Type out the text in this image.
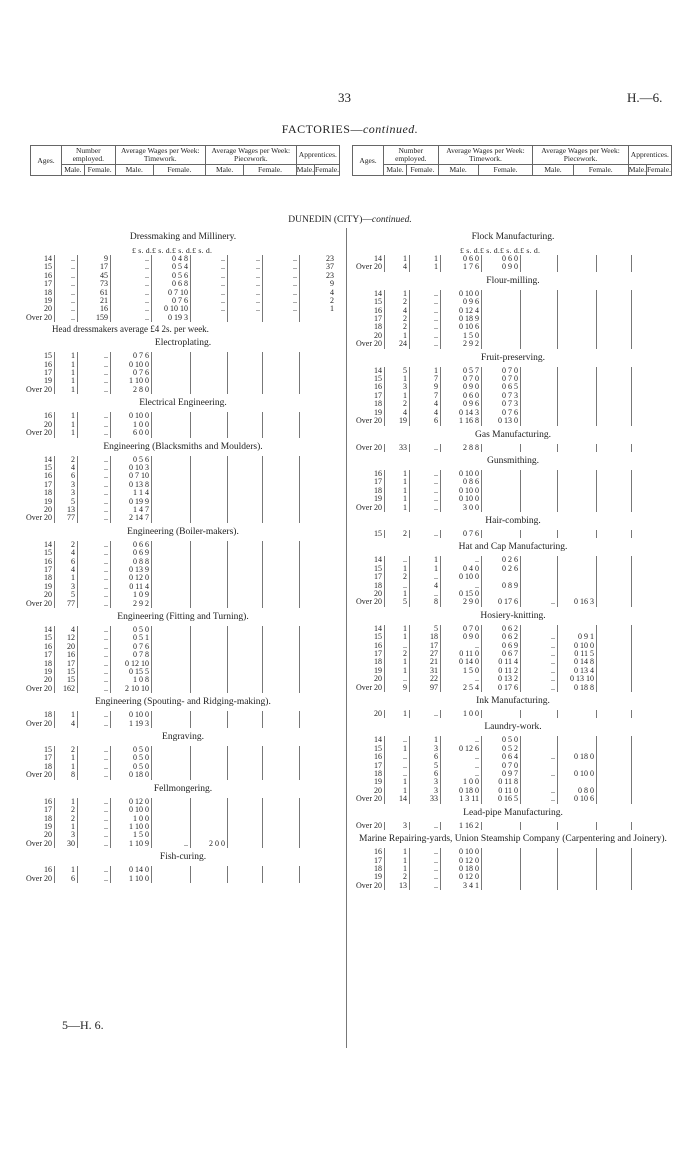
33	H.—6.
FACTORIES—continued.
Ages.	Number employed.		Average Wages per Week: Timework.		Average Wages per Week: Piecework.		Apprentices.	
	Male.	Female.	Male.	Female.	Male.	Female.	Male.	Female.
Ages.	Number employed.		Average Wages per Week: Timework.		Average Wages per Week: Piecework.		Apprentices.	
	Male.	Female.	Male.	Female.	Male.	Female.	Male.	Female.
DUNEDIN (CITY)—continued.
Dressmaking and Millinery.
£ s. d.£ s. d.£ s. d.£ s. d.
14	..	9	..	0 4 8	..	..	..	23
15	..	17	..	0 5 4	..	..	..	37
16	..	45	..	0 5 6	..	..	..	23
17	..	73	..	0 6 8	..	..	..	9
18	..	61	..	0 7 10	..	..	..	4
19	..	21	..	0 7 6	..	..	..	2
20	..	16	..	0 10 10	..	..	..	1
Over 20	..	159	..	0 19 3				
Head dressmakers average £4 2s. per week.
Electroplating.
15	1	..	0 7 6					
16	1	..	0 10 0					
17	1	..	0 7 6					
19	1	..	1 10 0					
Over 20	1	..	2 8 0					
Electrical Engineering.
16	1	..	0 10 0					
20	1	..	1 0 0					
Over 20	1	..	6 0 0					
Engineering (Blacksmiths and Moulders).
14	2	..	0 5 6					
15	4	..	0 10 3					
16	6	..	0 7 10					
17	3	..	0 13 8					
18	3	..	1 1 4					
19	5	..	0 19 9					
20	13	..	1 4 7					
Over 20	77	..	2 14 7					
Engineering (Boiler-makers).
14	2	..	0 6 6					
15	4	..	0 6 9					
16	6	..	0 8 8					
17	4	..	0 13 9					
18	1	..	0 12 0					
19	3	..	0 11 4					
20	5	..	1 0 9					
Over 20	77	..	2 9 2					
Engineering (Fitting and Turning).
14	4	..	0 5 0					
15	12	..	0 5 1					
16	20	..	0 7 6					
17	16	..	0 7 8					
18	17	..	0 12 10					
19	15	..	0 15 5					
20	15	..	1 0 8					
Over 20	162	..	2 10 10					
Engineering (Spouting- and Ridging-making).
18	1	..	0 10 0					
Over 20	4	..	1 19 3					
Engraving.
15	2	..	0 5 0					
17	1	..	0 5 0					
18	1	..	0 5 0					
Over 20	8	..	0 18 0					
Fellmongering.
16	1	..	0 12 0					
17	2	..	0 10 0					
18	2	..	1 0 0					
19	1	..	1 10 0					
20	3	..	1 5 0					
Over 20	30	..	1 10 9	..	2 0 0			
Fish-curing.
16	1	..	0 14 0					
Over 20	6	..	1 10 0					
Flock Manufacturing.
£ s. d.£ s. d.£ s. d.£ s. d.
14	1	1	0 6 0	0 6 0				
Over 20	4	1	1 7 6	0 9 0				
Flour-milling.
14	1	..	0 10 0					
15	2	..	0 9 6					
16	4	..	0 12 4					
17	2	..	0 18 9					
18	2	..	0 10 6					
20	1	..	1 5 0					
Over 20	24	..	2 9 2					
Fruit-preserving.
14	5	1	0 5 7	0 7 0				
15	1	7	0 7 0	0 7 0				
16	3	9	0 9 0	0 6 5				
17	1	7	0 6 0	0 7 3				
18	2	4	0 9 6	0 7 3				
19	4	4	0 14 3	0 7 6				
Over 20	19	6	1 16 8	0 13 0				
Gas Manufacturing.
Over 20	33	..	2 8 8					
Gunsmithing.
16	1	..	0 10 0					
17	1	..	0 8 6					
18	1	..	0 10 0					
19	1	..	0 10 0					
Over 20	1	..	3 0 0					
Hair-combing.
15	2	..	0 7 6					
Hat and Cap Manufacturing.
14	..	1	..	0 2 6				
15	1	1	0 4 0	0 2 6				
17	2	..	0 10 0					
18	..	4	..	0 8 9				
20	1	..	0 15 0					
Over 20	5	8	2 9 0	0 17 6	..	0 16 3		
Hosiery-knitting.
14	1	5	0 7 0	0 6 2				
15	1	18	0 9 0	0 6 2	..	0 9 1		
16	..	17	..	0 6 9	..	0 10 0		
17	2	27	0 11 0	0 6 7	..	0 11 5		
18	1	21	0 14 0	0 11 4	..	0 14 8		
19	1	31	1 5 0	0 11 2	..	0 13 4		
20	..	22	..	0 13 2	..	0 13 10		
Over 20	9	97	2 5 4	0 17 6	..	0 18 8		
Ink Manufacturing.
20	1	..	1 0 0					
Laundry-work.
14	..	1	..	0 5 0				
15	1	3	0 12 6	0 5 2				
16	..	6	..	0 6 4	..	0 18 0		
17	..	5	..	0 7 0				
18	..	6	..	0 9 7	..	0 10 0		
19	1	3	1 0 0	0 11 8				
20	1	3	0 18 0	0 11 0	..	0 8 0		
Over 20	14	33	1 3 11	0 16 5	..	0 10 6		
Lead-pipe Manufacturing.
Over 20	3	..	1 16 2					
Marine Repairing-yards, Union Steamship Company (Carpentering and Joinery).
16	1	..	0 10 0					
17	1	..	0 12 0					
18	1	..	0 18 0					
19	2	..	0 12 0					
Over 20	13	..	3 4 1					
5—H. 6.
